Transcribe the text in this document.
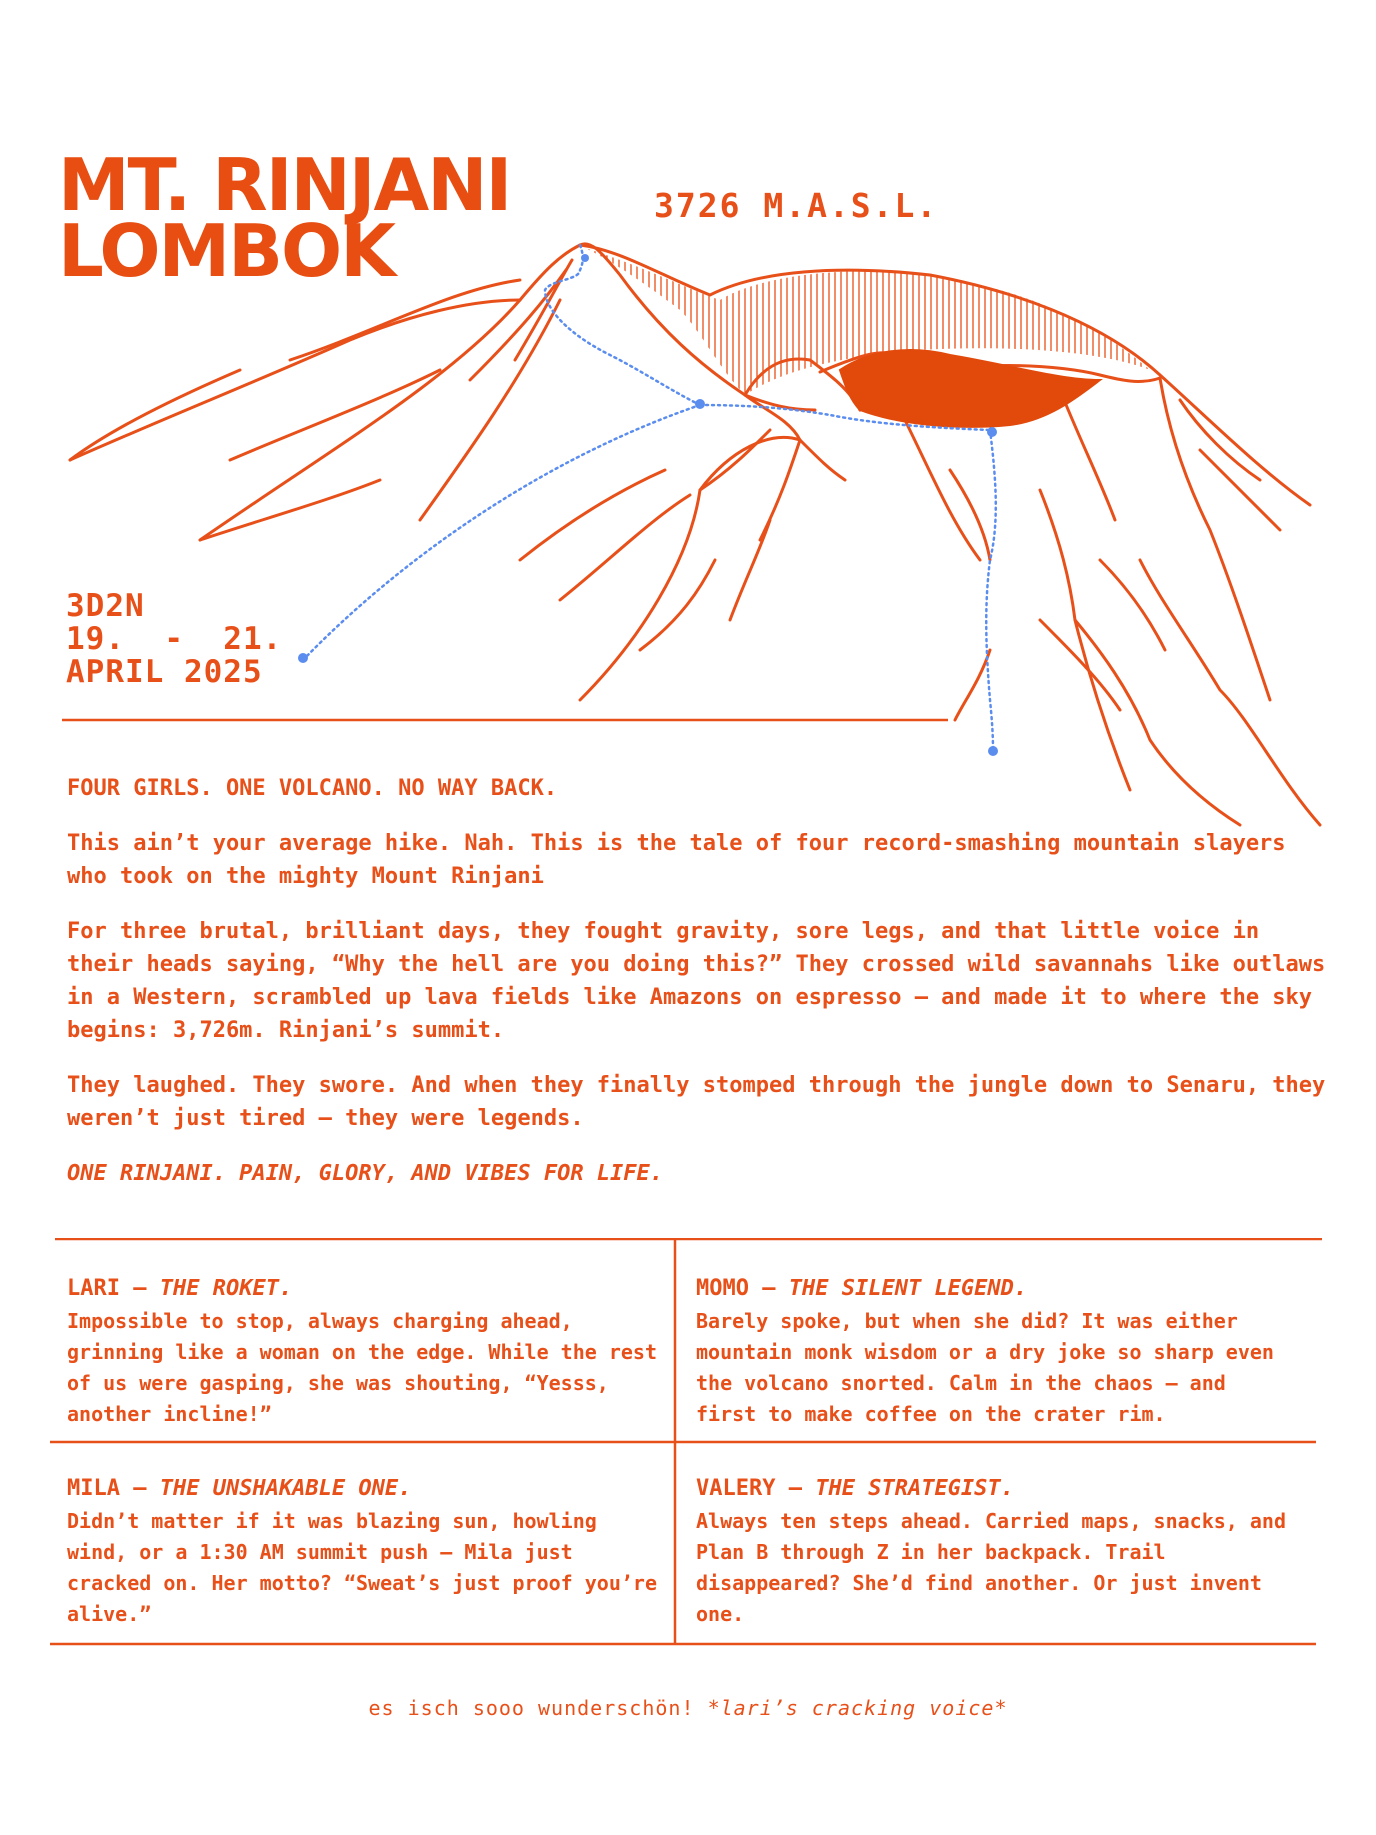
MT. RINJANI
LOMBOK
3726 M.A.S.L.
3D2N
19.  -  21.
APRIL 2025

FOUR GIRLS. ONE VOLCANO. NO WAY BACK.

This ain’t your average hike. Nah. This is the tale of four record-smashing mountain slayers who took on the mighty Mount Rinjani

For three brutal, brilliant days, they fought gravity, sore legs, and that little voice in their heads saying, “Why the hell are you doing this?” They crossed wild savannahs like outlaws in a Western, scrambled up lava fields like Amazons on espresso – and made it to where the sky begins: 3,726m. Rinjani’s summit.

They laughed. They swore. And when they finally stomped through the jungle down to Senaru, they weren’t just tired – they were legends.

ONE RINJANI. PAIN, GLORY, AND VIBES FOR LIFE.

LARI – THE ROKET.
Impossible to stop, always charging ahead, grinning like a woman on the edge. While the rest of us were gasping, she was shouting, “Yesss, another incline!”
MOMO – THE SILENT LEGEND.
Barely spoke, but when she did? It was either mountain monk wisdom or a dry joke so sharp even the volcano snorted. Calm in the chaos – and first to make coffee on the crater rim.
MILA – THE UNSHAKABLE ONE.
Didn’t matter if it was blazing sun, howling wind, or a 1:30 AM summit push – Mila just cracked on. Her motto? “Sweat’s just proof you’re alive.”
VALERY – THE STRATEGIST.
Always ten steps ahead. Carried maps, snacks, and Plan B through Z in her backpack. Trail disappeared? She’d find another. Or just invent one.
es isch sooo wunderschön! *lari’s cracking voice*
